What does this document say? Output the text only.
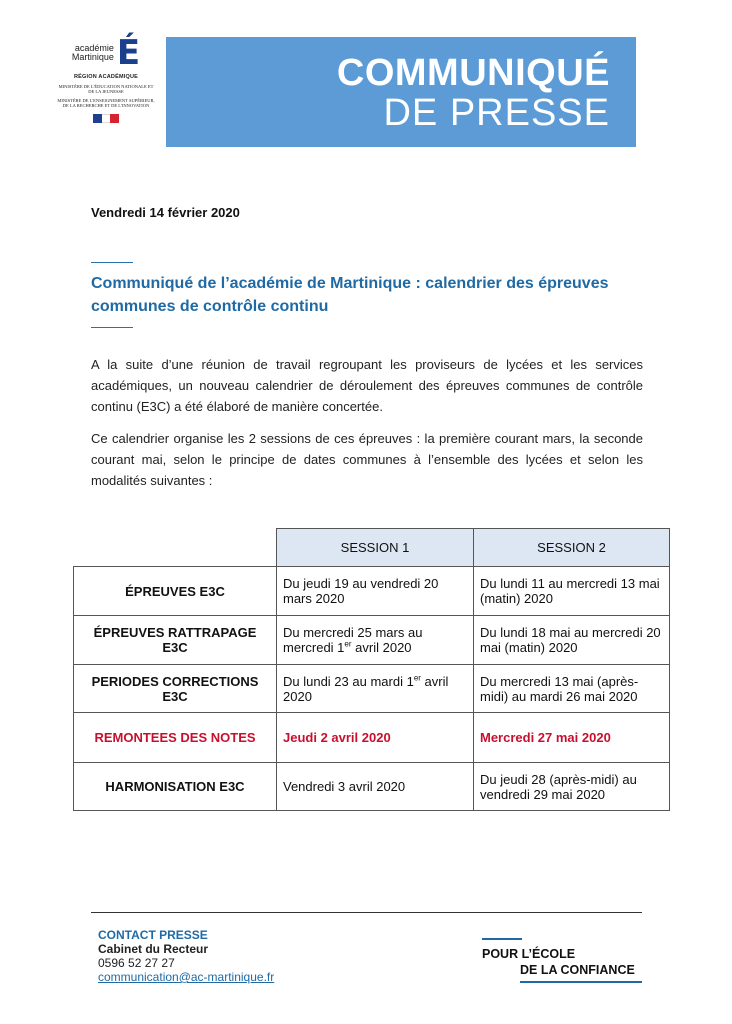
académie
Martinique É
RÉGION ACADÉMIQUE
MINISTÈRE DE L'ÉDUCATION NATIONALE ET DE LA JEUNESSE
MINISTÈRE DE L'ENSEIGNEMENT SUPÉRIEUR, DE LA RECHERCHE ET DE L'INNOVATION
COMMUNIQUÉ
DE PRESSE
Vendredi 14 février 2020
Communiqué de l’académie de Martinique : calendrier des épreuves communes de contrôle continu

A la suite d’une réunion de travail regroupant les proviseurs de lycées et les services académiques, un nouveau calendrier de déroulement des épreuves communes de contrôle continu (E3C) a été élaboré de manière concertée.

Ce calendrier organise les 2 sessions de ces épreuves : la première courant mars, la seconde courant mai, selon le principe de dates communes à l’ensemble des lycées et selon les modalités suivantes :

	SESSION 1	SESSION 2
ÉPREUVES E3C	Du jeudi 19 au vendredi 20 mars 2020	Du lundi 11 au mercredi 13 mai (matin) 2020
ÉPREUVES RATTRAPAGE E3C	Du mercredi 25 mars au mercredi 1er avril 2020	Du lundi 18 mai au mercredi 20 mai (matin) 2020
PERIODES CORRECTIONS E3C	Du lundi 23 au mardi 1er avril 2020	Du mercredi 13 mai (après-midi) au mardi 26 mai 2020
REMONTEES DES NOTES	Jeudi 2 avril 2020	Mercredi 27 mai 2020
HARMONISATION E3C	Vendredi 3 avril 2020	Du jeudi 28 (après-midi) au vendredi 29 mai 2020
CONTACT PRESSE
Cabinet du Recteur
0596 52 27 27
communication@ac-martinique.fr
POUR L’ÉCOLE
DE LA CONFIANCE
